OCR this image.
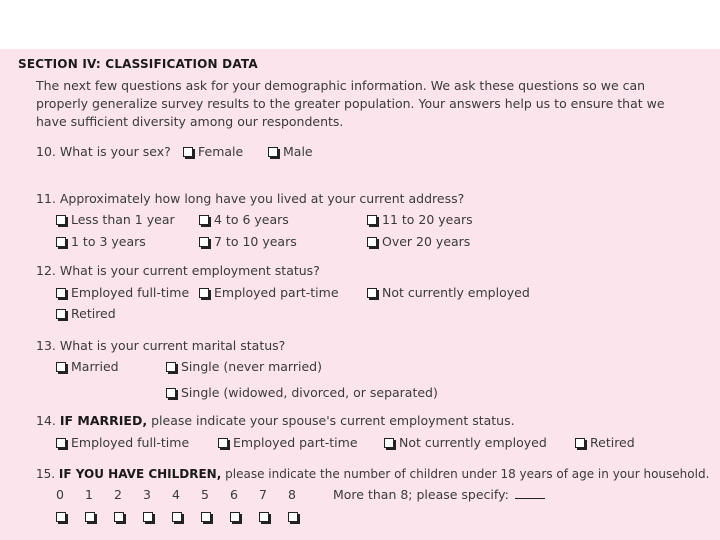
SECTION IV: CLASSIFICATION DATA
The next few questions ask for your demographic information. We ask these questions so we can properly generalize survey results to the greater population. Your answers help us to ensure that we have sufficient diversity among our respondents.
10. What is your sex? Female	Male
11. Approximately how long have you lived at your current address?
Less than 1 year	4 to 6 years	11 to 20 years
1 to 3 years	7 to 10 years	Over 20 years
12. What is your current employment status?
Employed full-time Employed part-time	Not currently employed
Retired
13. What is your current marital status?
Married	Single (never married)
Single (widowed, divorced, or separated)
14. IF MARRIED, please indicate your spouse's current employment status.
Employed full-time	Employed part-time	Not currently employed	Retired
15. IF YOU HAVE CHILDREN, please indicate the number of children under 18 years of age in your household.
0 1 2 3 4 5 6 7 8	More than 8; please specify:
